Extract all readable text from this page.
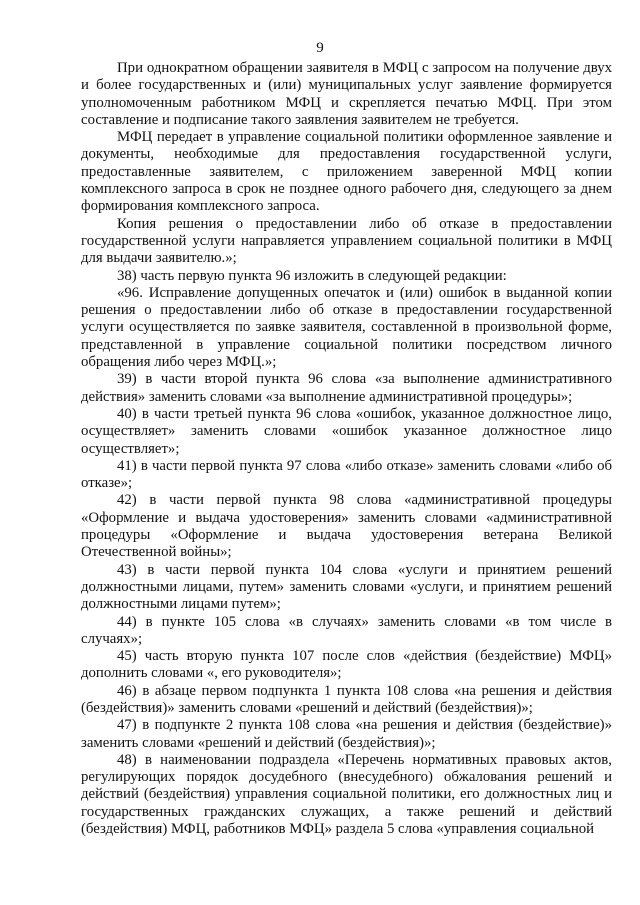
9

При однократном обращении заявителя в МФЦ с запросом на получение двух и более государственных и (или) муниципальных услуг заявление формируется уполномоченным работником МФЦ и скрепляется печатью МФЦ. При этом составление и подписание такого заявления заявителем не требуется.

МФЦ передает в управление социальной политики оформленное заявление и документы, необходимые для предоставления государственной услуги, предоставленные заявителем, с приложением заверенной МФЦ копии комплексного запроса в срок не позднее одного рабочего дня, следующего за днем формирования комплексного запроса.

Копия решения о предоставлении либо об отказе в предоставлении государственной услуги направляется управлением социальной политики в МФЦ для выдачи заявителю.»;

38) часть первую пункта 96 изложить в следующей редакции:

«96. Исправление допущенных опечаток и (или) ошибок в выданной копии решения о предоставлении либо об отказе в предоставлении государственной услуги осуществляется по заявке заявителя, составленной в произвольной форме, представленной в управление социальной политики посредством личного обращения либо через МФЦ.»;

39) в части второй пункта 96 слова «за выполнение административного действия» заменить словами «за выполнение административной процедуры»;

40) в части третьей пункта 96 слова «ошибок, указанное должностное лицо, осуществляет» заменить словами «ошибок указанное должностное лицо осуществляет»;

41) в части первой пункта 97 слова «либо отказе» заменить словами «либо об отказе»;

42) в части первой пункта 98 слова «административной процедуры «Оформление и выдача удостоверения» заменить словами «административной процедуры «Оформление и выдача удостоверения ветерана Великой Отечественной войны»;

43) в части первой пункта 104 слова «услуги и принятием решений должностными лицами, путем» заменить словами «услуги, и принятием решений должностными лицами путем»;

44) в пункте 105 слова «в случаях» заменить словами «в том числе в случаях»;

45) часть вторую пункта 107 после слов «действия (бездействие) МФЦ» дополнить словами «, его руководителя»;

46) в абзаце первом подпункта 1 пункта 108 слова «на решения и действия (бездействия)» заменить словами «решений и действий (бездействия)»;

47) в подпункте 2 пункта 108 слова «на решения и действия (бездействие)» заменить словами «решений и действий (бездействия)»;

48) в наименовании подраздела «Перечень нормативных правовых актов, регулирующих порядок досудебного (внесудебного) обжалования решений и действий (бездействия) управления социальной политики, его должностных лиц и государственных гражданских служащих, а также решений и действий (бездействия) МФЦ, работников МФЦ» раздела 5 слова «управления социальной
